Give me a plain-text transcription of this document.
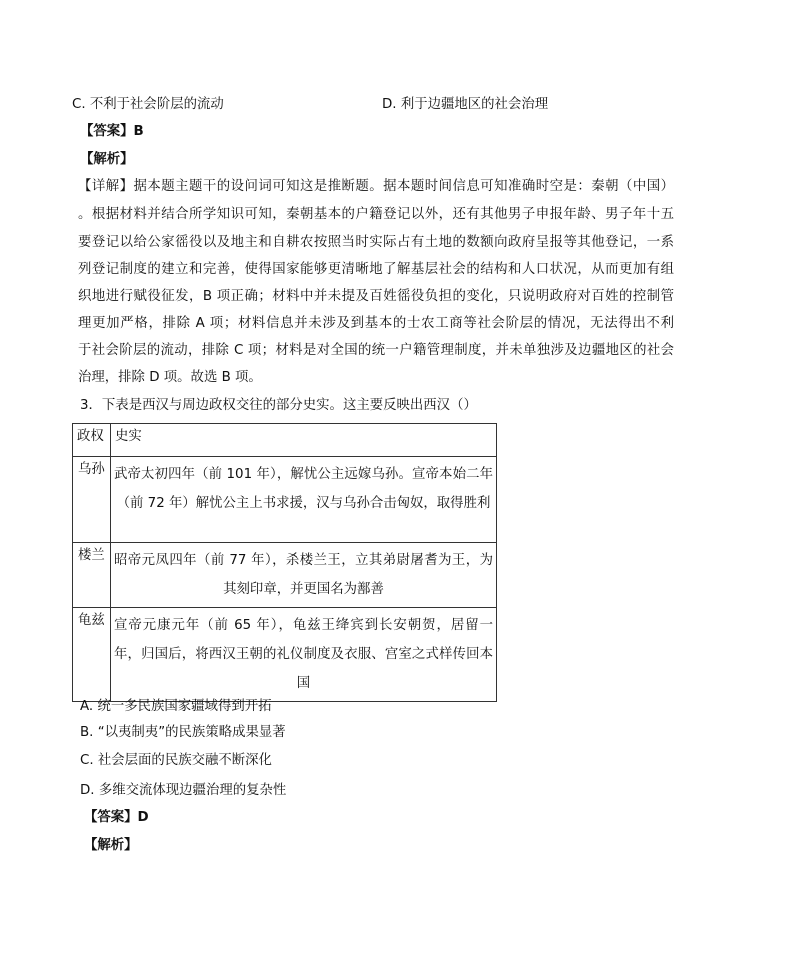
C. 不利于社会阶层的流动	D. 利于边疆地区的社会治理
【答案】B
【解析】
【详解】据本题主题干的设问词可知这是推断题。据本题时间信息可知准确时空是：秦朝（中国）
。根据材料并结合所学知识可知，秦朝基本的户籍登记以外，还有其他男子申报年龄、男子年十五
要登记以给公家徭役以及地主和自耕农按照当时实际占有土地的数额向政府呈报等其他登记，一系
列登记制度的建立和完善，使得国家能够更清晰地了解基层社会的结构和人口状况，从而更加有组
织地进行赋役征发，B 项正确；材料中并未提及百姓徭役负担的变化，只说明政府对百姓的控制管
理更加严格，排除 A 项；材料信息并未涉及到基本的士农工商等社会阶层的情况，无法得出不利
于社会阶层的流动，排除 C 项；材料是对全国的统一户籍管理制度，并未单独涉及边疆地区的社会
治理，排除 D 项。故选 B 项。
3．下表是西汉与周边政权交往的部分史实。这主要反映出西汉（）
政权	史实
乌孙	武帝太初四年（前 101 年），解忧公主远嫁乌孙。宣帝本始二年（前 72 年）解忧公主上书求援，汉与乌孙合击匈奴，取得胜利
楼兰	昭帝元凤四年（前 77 年），杀楼兰王，立其弟尉屠耆为王，为其刻印章，并更国名为鄯善
龟兹	宣帝元康元年（前 65 年），龟兹王绛宾到长安朝贺，居留一年，归国后，将西汉王朝的礼仪制度及衣服、宫室之式样传回本国
A. 统一多民族国家疆域得到开拓
B. “以夷制夷”的民族策略成果显著
C. 社会层面的民族交融不断深化
D. 多维交流体现边疆治理的复杂性
【答案】D
【解析】
